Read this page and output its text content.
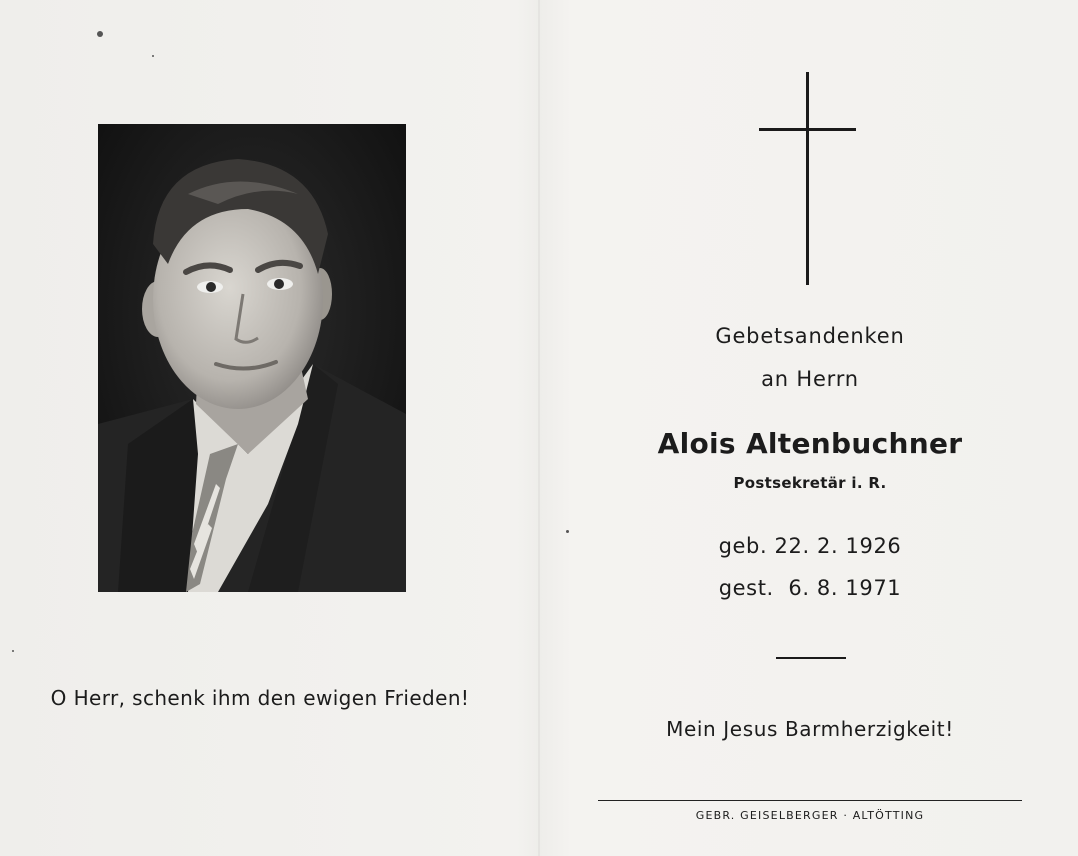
O Herr, schenk ihm den ewigen Frieden!
Gebetsandenken
an Herrn
Alois Altenbuchner
Postsekretär i. R.
geb. 22. 2. 1926
gest.  6. 8. 1971
Mein Jesus Barmherzigkeit!
GEBR. GEISELBERGER · ALTÖTTING
